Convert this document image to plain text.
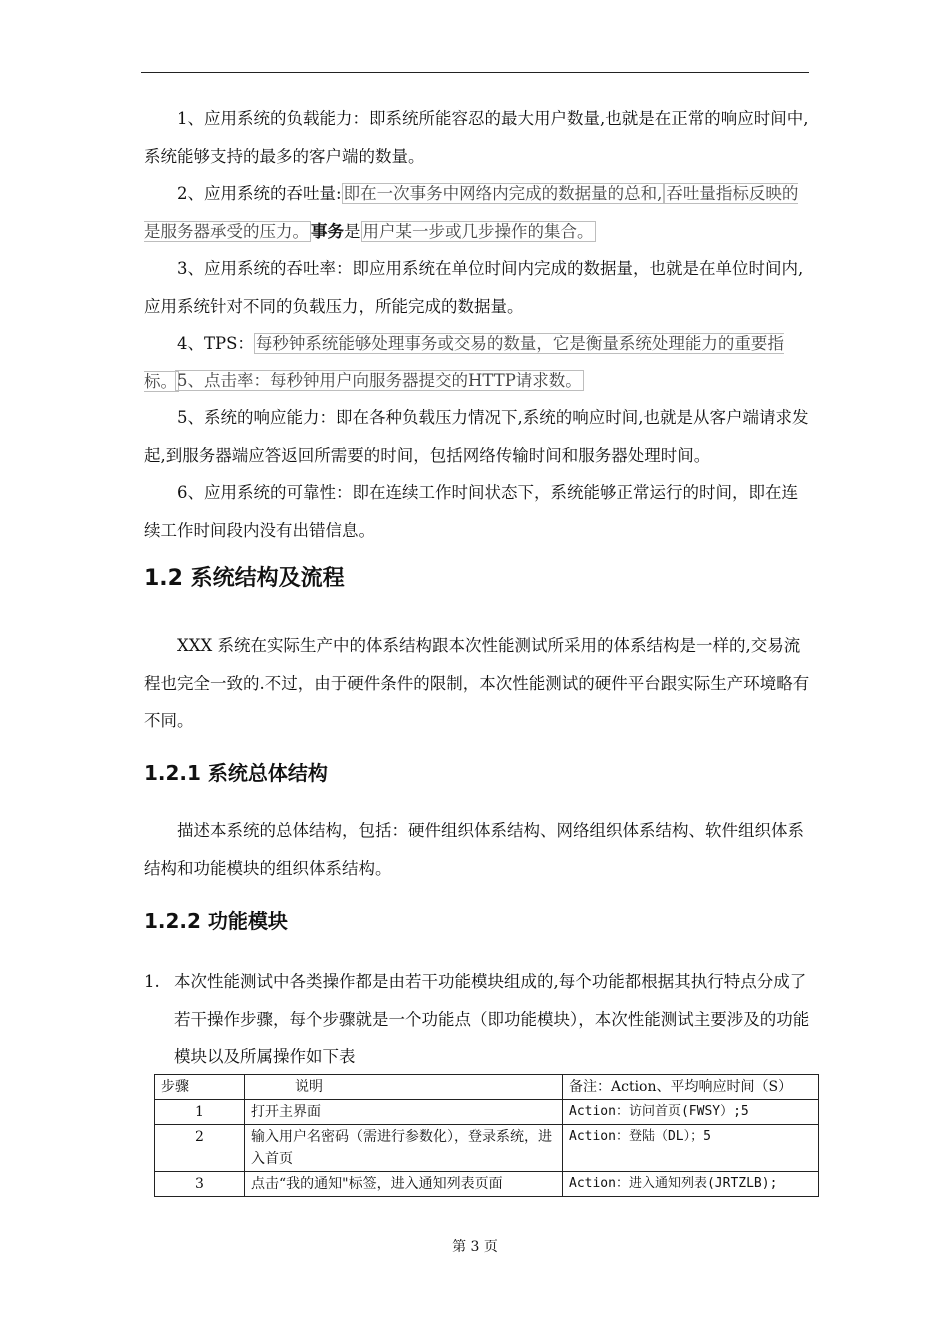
1、应用系统的负载能力：即系统所能容忍的最大用户数量,也就是在正常的响应时间中,系统能够支持的最多的客户端的数量。
2、应用系统的吞吐量: 即在一次事务中网络内完成的数据量的总和, 吞吐量指标反映的是服务器承受的压力。 事务是 用户某一步或几步操作的集合。
3、应用系统的吞吐率：即应用系统在单位时间内完成的数据量，也就是在单位时间内,应用系统针对不同的负载压力，所能完成的数据量。
4、TPS： 每秒钟系统能够处理事务或交易的数量，它是衡量系统处理能力的重要指标。 5、点击率：每秒钟用户向服务器提交的HTTP请求数。
5、系统的响应能力：即在各种负载压力情况下,系统的响应时间,也就是从客户端请求发起,到服务器端应答返回所需要的时间，包括网络传输时间和服务器处理时间。
6、应用系统的可靠性：即在连续工作时间状态下，系统能够正常运行的时间，即在连续工作时间段内没有出错信息。
1.2 系统结构及流程
XXX 系统在实际生产中的体系结构跟本次性能测试所采用的体系结构是一样的,交易流程也完全一致的.不过，由于硬件条件的限制，本次性能测试的硬件平台跟实际生产环境略有不同。
1.2.1 系统总体结构
描述本系统的总体结构，包括：硬件组织体系结构、网络组织体系结构、软件组织体系结构和功能模块的组织体系结构。
1.2.2 功能模块
1. 本次性能测试中各类操作都是由若干功能模块组成的,每个功能都根据其执行特点分成了若干操作步骤，每个步骤就是一个功能点（即功能模块），本次性能测试主要涉及的功能模块以及所属操作如下表
步骤	说明	备注：Action、平均响应时间（S）
1	打开主界面	Action：访问首页(FWSY）;5
2	输入用户名密码（需进行参数化），登录系统，进入首页	Action：登陆（DL）；5
3	点击“我的通知"标签，进入通知列表页面	Action：进入通知列表(JRTZLB);
第 3 页
